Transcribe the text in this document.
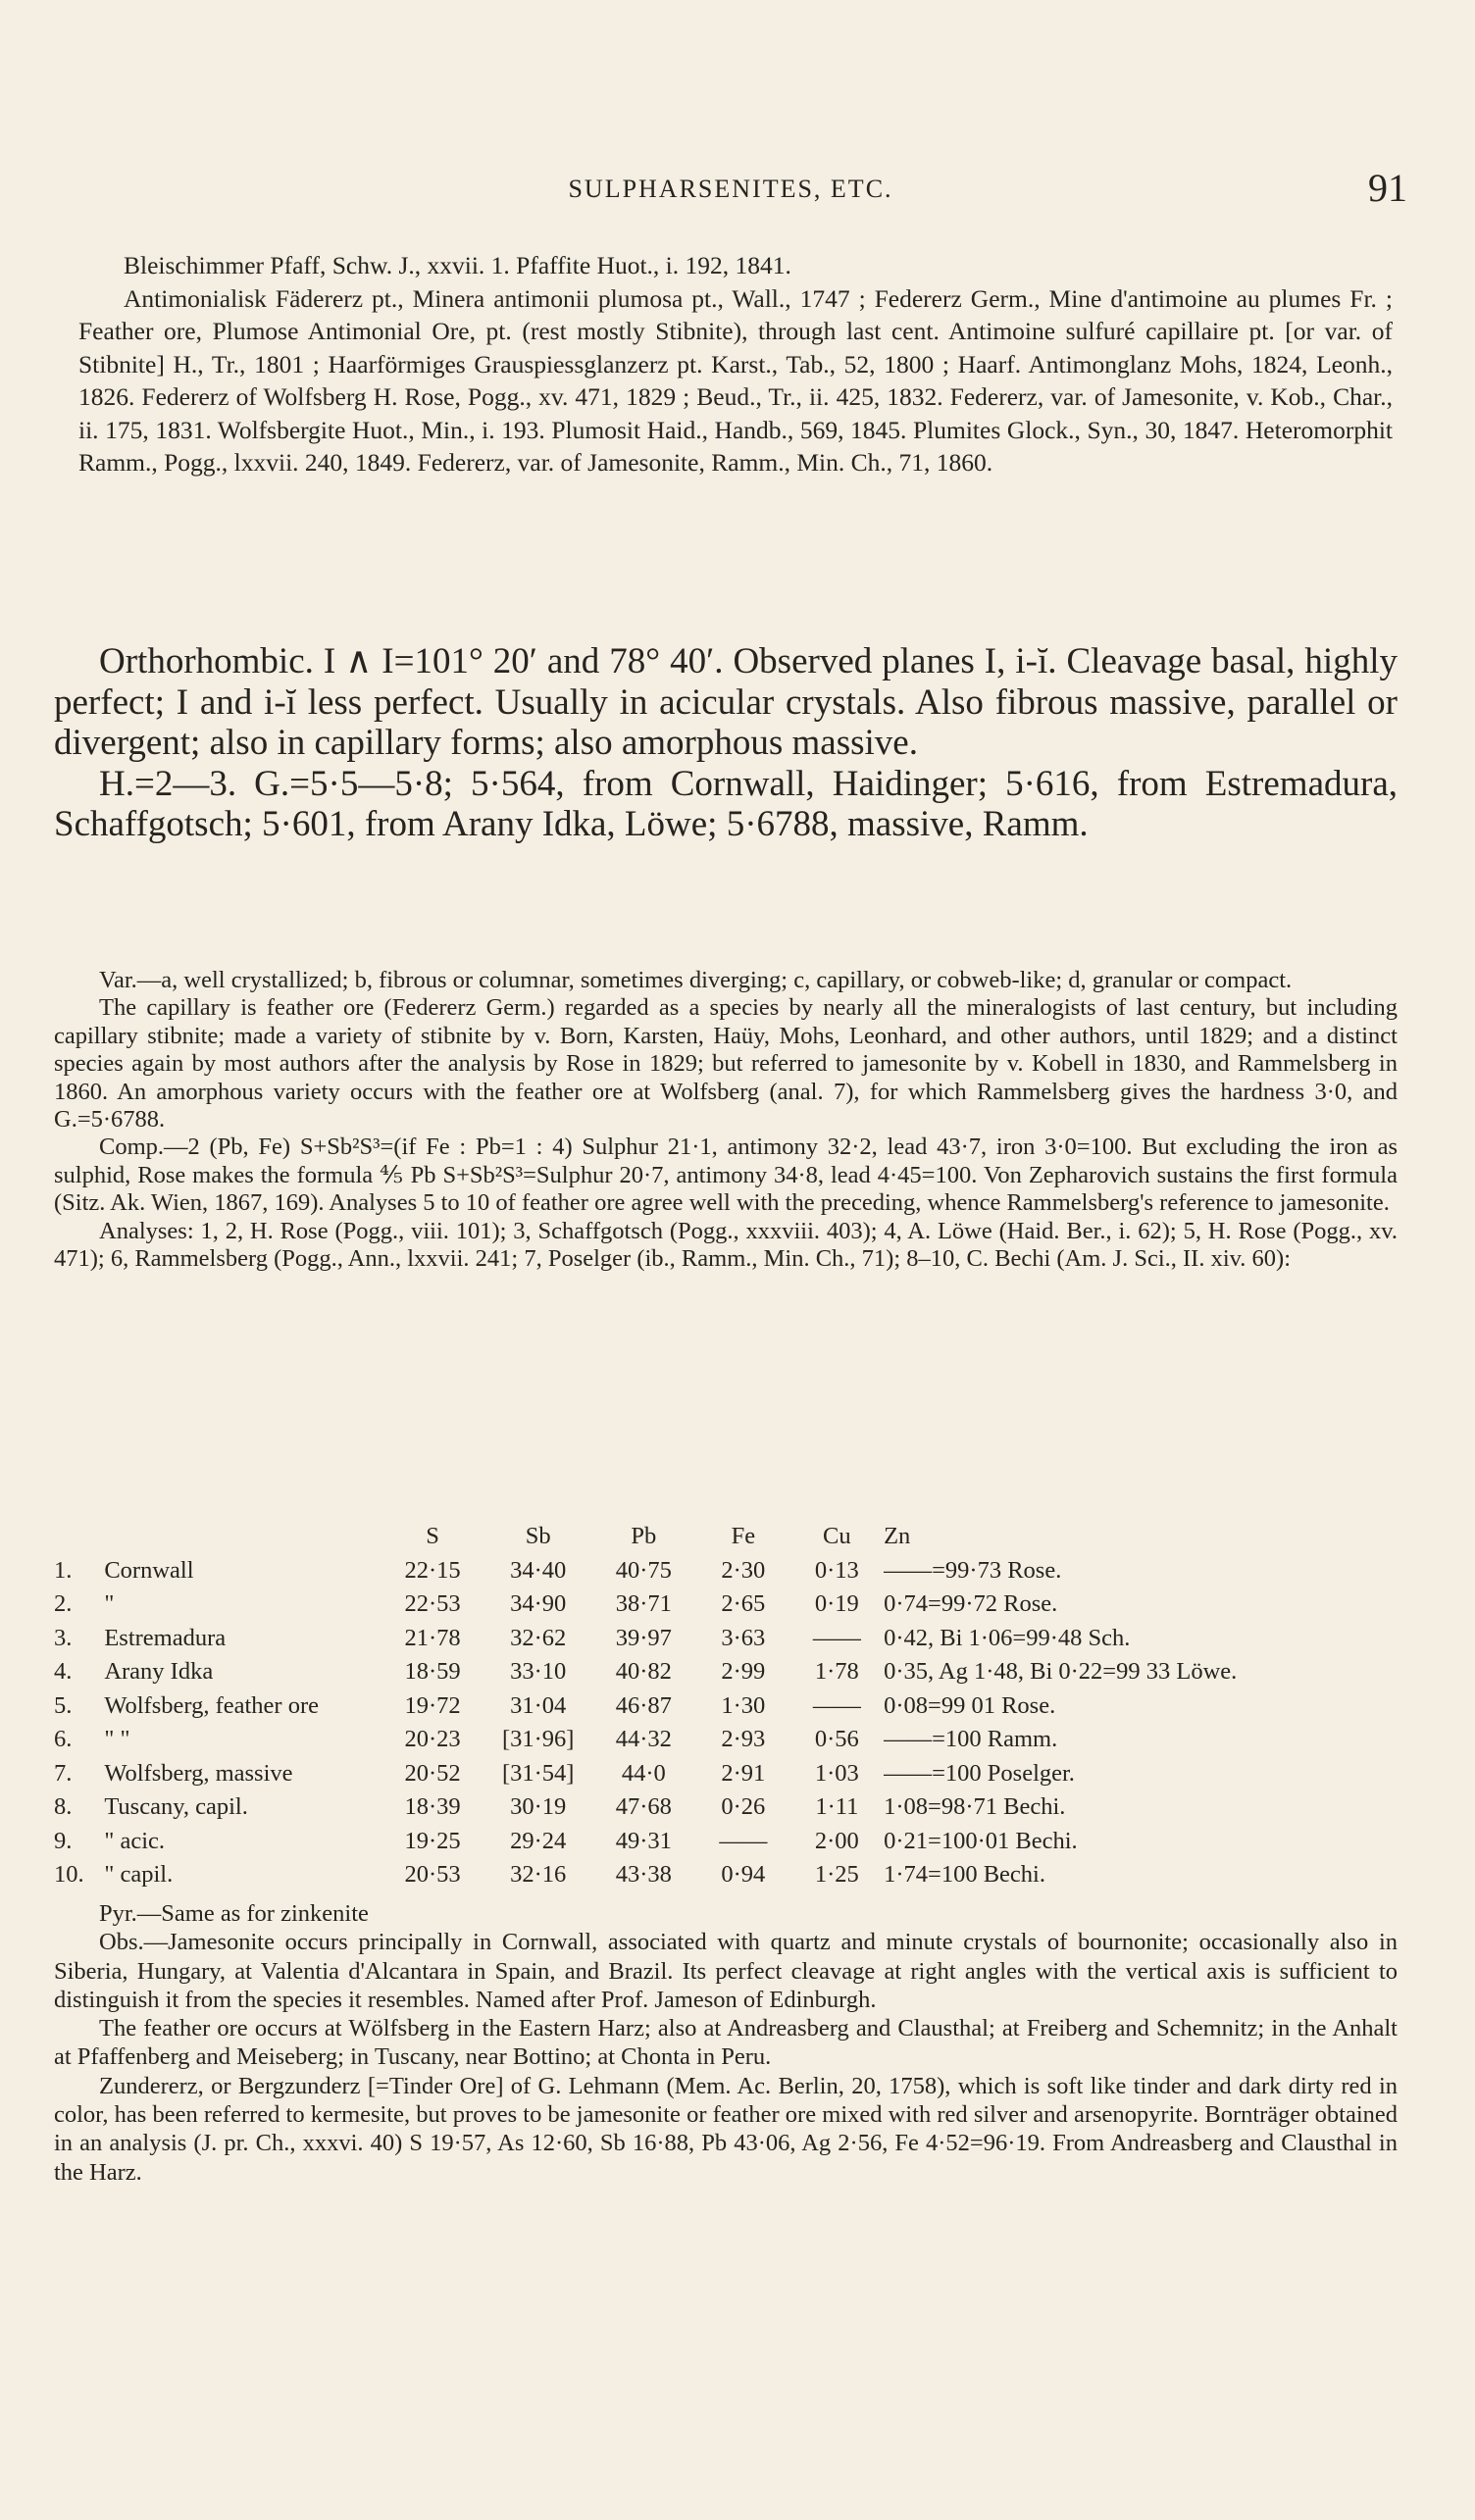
SULPHARSENITES, ETC.	91

Bleischimmer Pfaff, Schw. J., xxvii. 1. Pfaffite Huot., i. 192, 1841.

Antimonialisk Fädererz pt., Minera antimonii plumosa pt., Wall., 1747 ; Federerz Germ., Mine d'antimoine au plumes Fr. ; Feather ore, Plumose Antimonial Ore, pt. (rest mostly Stibnite), through last cent. Antimoine sulfuré capillaire pt. [or var. of Stibnite] H., Tr., 1801 ; Haarförmiges Grauspiessglanzerz pt. Karst., Tab., 52, 1800 ; Haarf. Antimonglanz Mohs, 1824, Leonh., 1826. Federerz of Wolfsberg H. Rose, Pogg., xv. 471, 1829 ; Beud., Tr., ii. 425, 1832. Federerz, var. of Jamesonite, v. Kob., Char., ii. 175, 1831. Wolfsbergite Huot., Min., i. 193. Plumosit Haid., Handb., 569, 1845. Plumites Glock., Syn., 30, 1847. Heteromorphit Ramm., Pogg., lxxvii. 240, 1849. Federerz, var. of Jamesonite, Ramm., Min. Ch., 71, 1860.

Orthorhombic. I ∧ I=101° 20′ and 78° 40′. Observed planes I, i-ĭ. Cleavage basal, highly perfect; I and i-ĭ less perfect. Usually in acicular crystals. Also fibrous massive, parallel or divergent; also in capillary forms; also amorphous massive.

H.=2—3. G.=5·5—5·8; 5·564, from Cornwall, Haidinger; 5·616, from Estremadura, Schaffgotsch; 5·601, from Arany Idka, Löwe; 5·6788, massive, Ramm.

Var.—a, well crystallized; b, fibrous or columnar, sometimes diverging; c, capillary, or cobweb-like; d, granular or compact.

The capillary is feather ore (Federerz Germ.) regarded as a species by nearly all the mineralogists of last century, but including capillary stibnite; made a variety of stibnite by v. Born, Karsten, Haüy, Mohs, Leonhard, and other authors, until 1829; and a distinct species again by most authors after the analysis by Rose in 1829; but referred to jamesonite by v. Kobell in 1830, and Rammelsberg in 1860. An amorphous variety occurs with the feather ore at Wolfsberg (anal. 7), for which Rammelsberg gives the hardness 3·0, and G.=5·6788.

Comp.—2 (Pb, Fe) S+Sb²S³=(if Fe : Pb=1 : 4) Sulphur 21·1, antimony 32·2, lead 43·7, iron 3·0=100. But excluding the iron as sulphid, Rose makes the formula ⅘ Pb S+Sb²S³=Sulphur 20·7, antimony 34·8, lead 4·45=100. Von Zepharovich sustains the first formula (Sitz. Ak. Wien, 1867, 169). Analyses 5 to 10 of feather ore agree well with the preceding, whence Rammelsberg's reference to jamesonite.

Analyses: 1, 2, H. Rose (Pogg., viii. 101); 3, Schaffgotsch (Pogg., xxxviii. 403); 4, A. Löwe (Haid. Ber., i. 62); 5, H. Rose (Pogg., xv. 471); 6, Rammelsberg (Pogg., Ann., lxxvii. 241; 7, Poselger (ib., Ramm., Min. Ch., 71); 8–10, C. Bechi (Am. J. Sci., II. xiv. 60):

		S	Sb	Pb	Fe	Cu	Zn
1.	Cornwall	22·15	34·40	40·75	2·30	0·13	——=99·73 Rose.
2.	"	22·53	34·90	38·71	2·65	0·19	0·74=99·72 Rose.
3.	Estremadura	21·78	32·62	39·97	3·63	——	0·42, Bi 1·06=99·48 Sch.
4.	Arany Idka	18·59	33·10	40·82	2·99	1·78	0·35, Ag 1·48, Bi 0·22=99 33 Löwe.
5.	Wolfsberg, feather ore	19·72	31·04	46·87	1·30	——	0·08=99 01 Rose.
6.	" "	20·23	[31·96]	44·32	2·93	0·56	——=100 Ramm.
7.	Wolfsberg, massive	20·52	[31·54]	44·0	2·91	1·03	——=100 Poselger.
8.	Tuscany, capil.	18·39	30·19	47·68	0·26	1·11	1·08=98·71 Bechi.
9.	" acic.	19·25	29·24	49·31	——	2·00	0·21=100·01 Bechi.
10.	" capil.	20·53	32·16	43·38	0·94	1·25	1·74=100 Bechi.

Pyr.—Same as for zinkenite

Obs.—Jamesonite occurs principally in Cornwall, associated with quartz and minute crystals of bournonite; occasionally also in Siberia, Hungary, at Valentia d'Alcantara in Spain, and Brazil. Its perfect cleavage at right angles with the vertical axis is sufficient to distinguish it from the species it resembles. Named after Prof. Jameson of Edinburgh.

The feather ore occurs at Wölfsberg in the Eastern Harz; also at Andreasberg and Clausthal; at Freiberg and Schemnitz; in the Anhalt at Pfaffenberg and Meiseberg; in Tuscany, near Bottino; at Chonta in Peru.

Zundererz, or Bergzunderz [=Tinder Ore] of G. Lehmann (Mem. Ac. Berlin, 20, 1758), which is soft like tinder and dark dirty red in color, has been referred to kermesite, but proves to be jamesonite or feather ore mixed with red silver and arsenopyrite. Bornträger obtained in an analysis (J. pr. Ch., xxxvi. 40) S 19·57, As 12·60, Sb 16·88, Pb 43·06, Ag 2·56, Fe 4·52=96·19. From Andreasberg and Clausthal in the Harz.
